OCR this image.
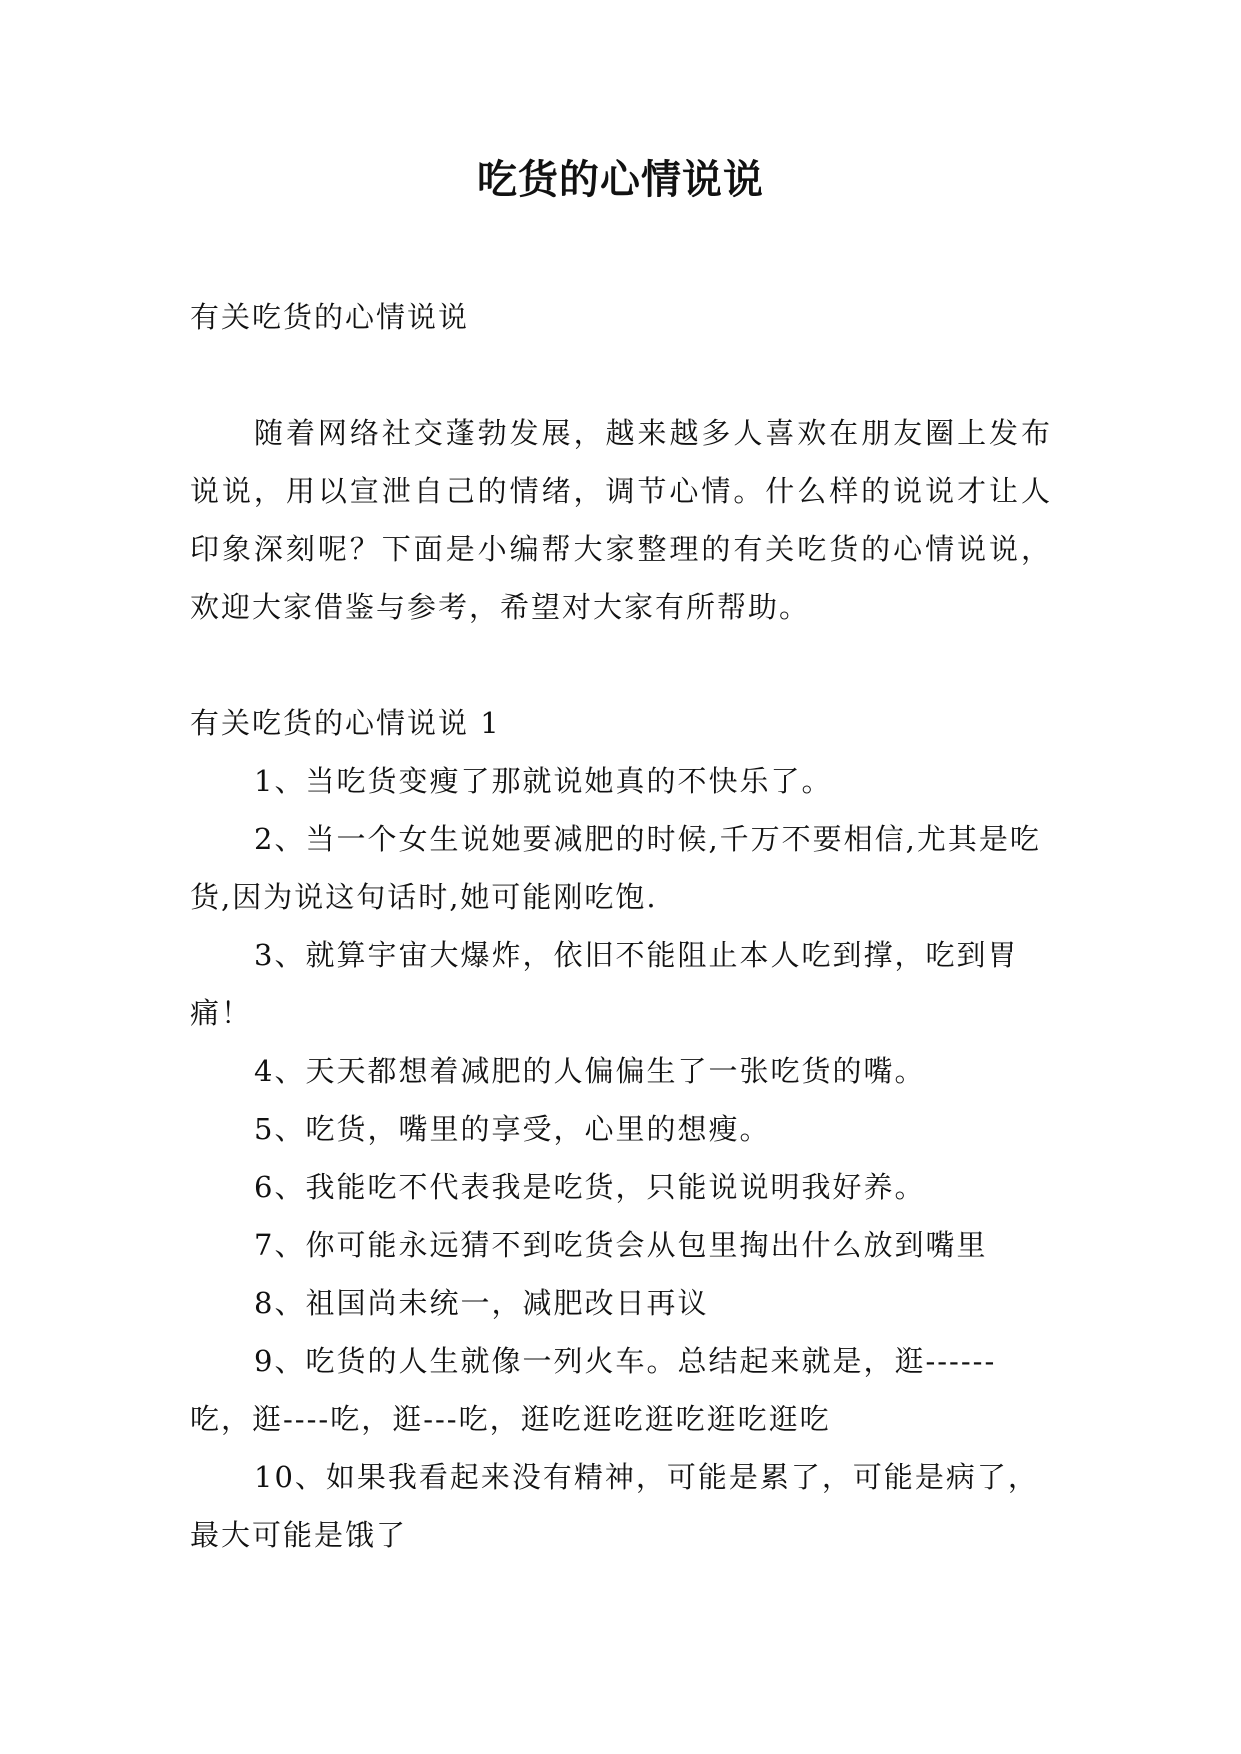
吃货的心情说说

有关吃货的心情说说

随着网络社交蓬勃发展，越来越多人喜欢在朋友圈上发布说说，用以宣泄自己的情绪，调节心情。什么样的说说才让人印象深刻呢？下面是小编帮大家整理的有关吃货的心情说说，欢迎大家借鉴与参考，希望对大家有所帮助。

有关吃货的心情说说 1

1、当吃货变瘦了那就说她真的不快乐了。

2、当一个女生说她要减肥的时候,千万不要相信,尤其是吃货,因为说这句话时,她可能刚吃饱.

3、就算宇宙大爆炸，依旧不能阻止本人吃到撑，吃到胃痛！

4、天天都想着减肥的人偏偏生了一张吃货的嘴。

5、吃货，嘴里的享受，心里的想瘦。

6、我能吃不代表我是吃货，只能说说明我好养。

7、你可能永远猜不到吃货会从包里掏出什么放到嘴里

8、祖国尚未统一，减肥改日再议

9、吃货的人生就像一列火车。总结起来就是，逛------吃，逛----吃，逛---吃，逛吃逛吃逛吃逛吃逛吃

10、如果我看起来没有精神，可能是累了，可能是病了，最大可能是饿了
